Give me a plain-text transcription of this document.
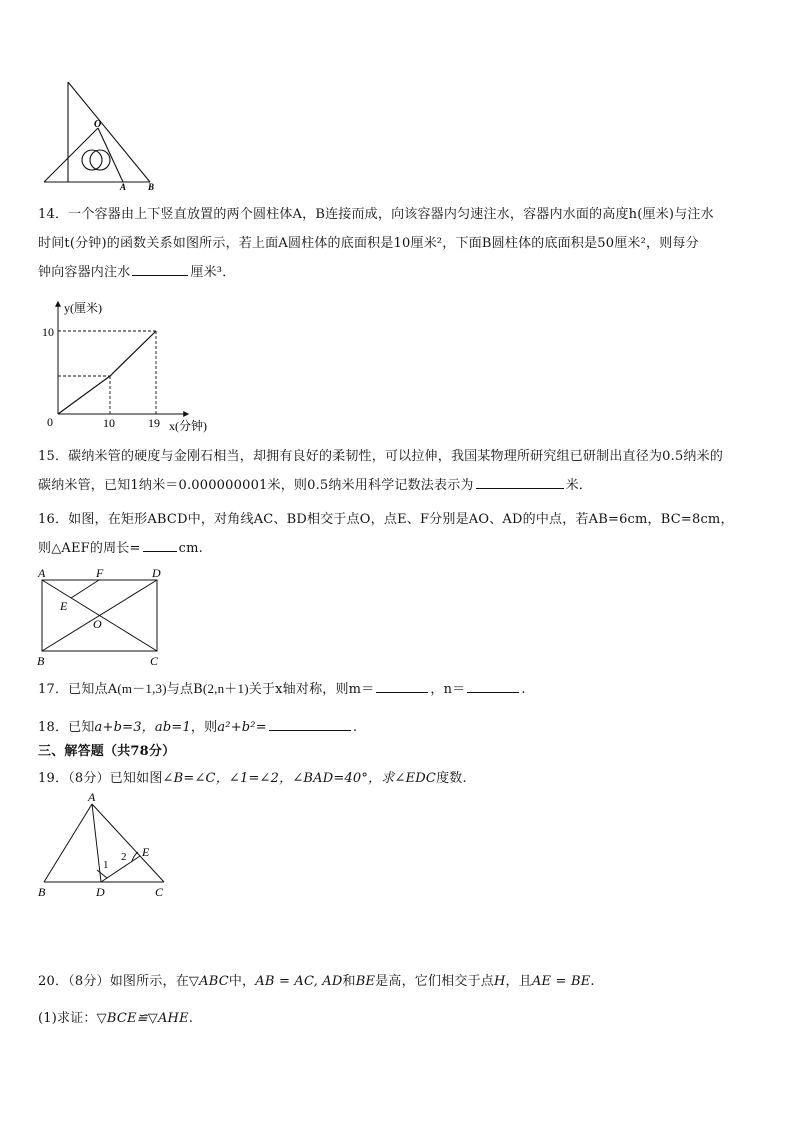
O
A B
14．一个容器由上下竖直放置的两个圆柱体A，B连接而成，向该容器内匀速注水，容器内水面的高度h(厘米)与注水
时间t(分钟)的函数关系如图所示，若上面A圆柱体的底面积是10厘米²，下面B圆柱体的底面积是50厘米²，则每分
钟向容器内注水	厘米³．
y(厘米)
10
0	10	19 x(分钟)
15．碳纳米管的硬度与金刚石相当，却拥有良好的柔韧性，可以拉伸，我国某物理所研究组已研制出直径为0.5纳米的
碳纳米管，已知1纳米＝0.000000001米，则0.5纳米用科学记数法表示为	米．
16．如图，在矩形ABCD中，对角线AC、BD相交于点O，点E、F分别是AO、AD的中点，若AB=6cm，BC=8cm，
则△AEF的周长=	cm.
A	F	D
E
O
B	C
17．已知点A(m－1,3)与点B(2,n＋1)关于x轴对称，则m＝	，n＝	.
18．已知a+b=3，ab=1，则a²+b²=	.
三、解答题（共78分）
19．（8分）已知如图∠B=∠C，∠1=∠2，∠BAD=40°，求∠EDC度数.
A
B	D	C
E
1
2
20．（8分）如图所示，在▽ABC中，AB = AC, AD和BE是高，它们相交于点H，且AE = BE.
(1)求证：▽BCE≌▽AHE.
